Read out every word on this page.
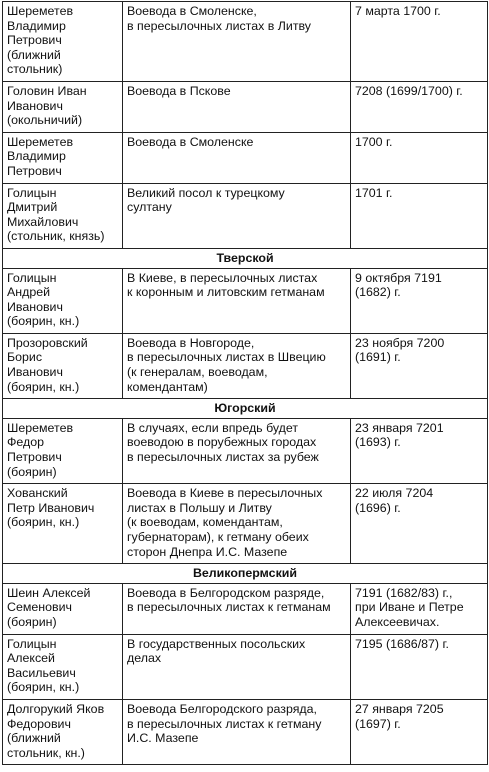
Шереметев
Владимир
Петрович
(ближний
стольник)	Воевода в Смоленске,
в пересылочных листах в Литву	7 марта 1700 г.
Головин Иван
Иванович
(окольничий)	Воевода в Пскове	7208 (1699/1700) г.
Шереметев
Владимир
Петрович	Воевода в Смоленске	1700 г.
Голицын
Дмитрий
Михайлович
(стольник, князь)	Великий посол к турецкому
султану	1701 г.
Тверской		
Голицын
Андрей
Иванович
(боярин, кн.)	В Киеве, в пересылочных листах
к коронным и литовским гетманам	9 октября 7191
(1682) г.
Прозоровский
Борис
Иванович
(боярин, кн.)	Воевода в Новгороде,
в пересылочных листах в Швецию
(к генералам, воеводам,
комендантам)	23 ноября 7200
(1691) г.
Югорский		
Шереметев
Федор
Петрович
(боярин)	В случаях, если впредь будет
воеводою в порубежных городах
в пересылочных листах за рубеж	23 января 7201
(1693) г.
Хованский
Петр Иванович
(боярин, кн.)	Воевода в Киеве в пересылочных
листах в Польшу и Литву
(к воеводам, комендантам,
губернаторам), к гетману обеих
сторон Днепра И.С. Мазепе	22 июля 7204
(1696) г.
Великопермский		
Шеин Алексей
Семенович
(боярин)	Воевода в Белгородском разряде,
в пересылочных листах к гетманам	7191 (1682/83) г.,
при Иване и Петре
Алексеевичах.
Голицын
Алексей
Васильевич
(боярин, кн.)	В государственных посольских
делах	7195 (1686/87) г.
Долгорукий Яков
Федорович
(ближний
стольник, кн.)	Воевода Белгородского разряда,
в пересылочных листах к гетману
И.С. Мазепе	27 января 7205
(1697) г.
